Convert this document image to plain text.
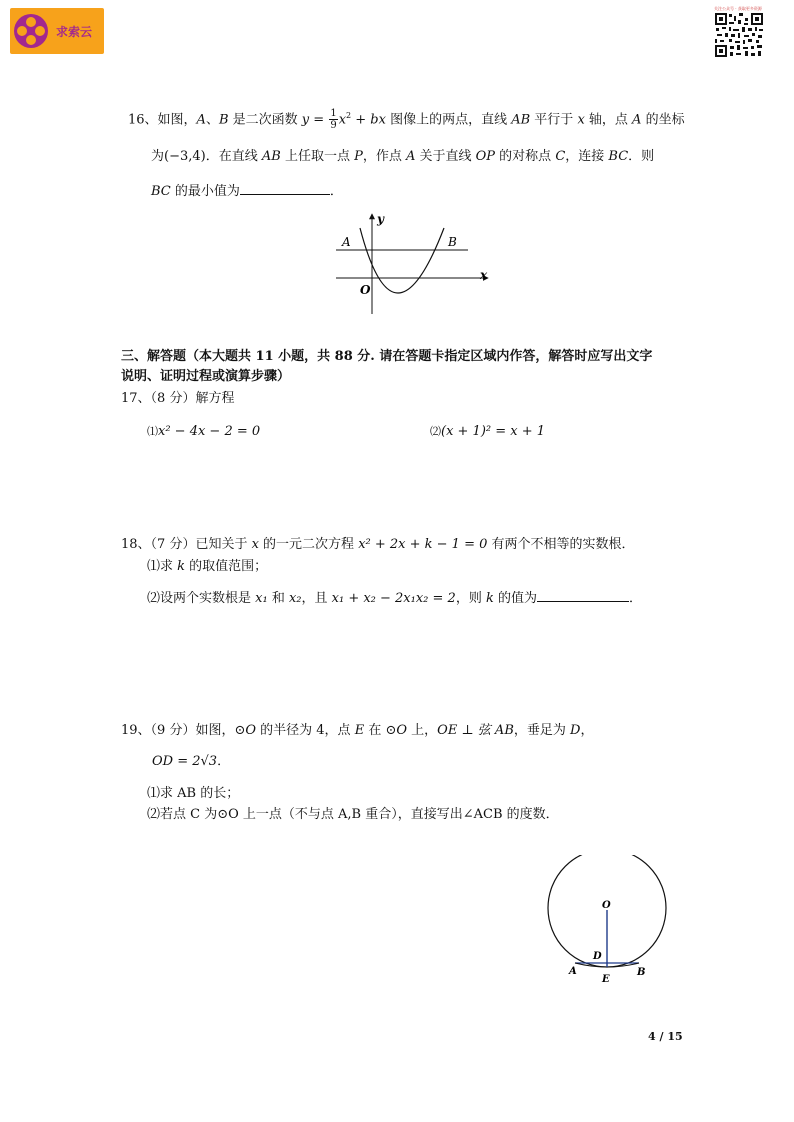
求索云
关注公众号 · 获取更多资源
16、如图，A、B 是二次函数 $y = \frac{1}{9} x^2$ + bx 图像上的两点，直线 AB 平行于 x 轴，点 A 的坐标
为(−3,4)．在直线 AB 上任取一点 P，作点 A 关于直线 OP 的对称点 C，连接 BC．则
BC 的最小值为	．
y
x
A	B
O
三、解答题（本大题共 11 小题，共 88 分. 请在答题卡指定区域内作答，解答时应写出文字
说明、证明过程或演算步骤）
17、（8 分）解方程
⑴x² − 4x − 2 = 0	⑵(x + 1)² = x + 1
18、（7 分）已知关于 x 的一元二次方程 x² + 2x + k − 1 = 0 有两个不相等的实数根．
⑴求 k 的取值范围；
⑵设两个实数根是 x₁ 和 x₂，且 x₁ + x₂ − 2x₁x₂ = 2，则 k 的值为	．
19、（9 分）如图，⊙O 的半径为 4，点 E 在 ⊙O 上，OE ⊥ 弦 AB，垂足为 D，
OD = 2√3．
⑴求 AB 的长；
⑵若点 C 为⊙O 上一点（不与点 A,B 重合），直接写出∠ACB 的度数．
O
D
A	B
E
4 / 15
